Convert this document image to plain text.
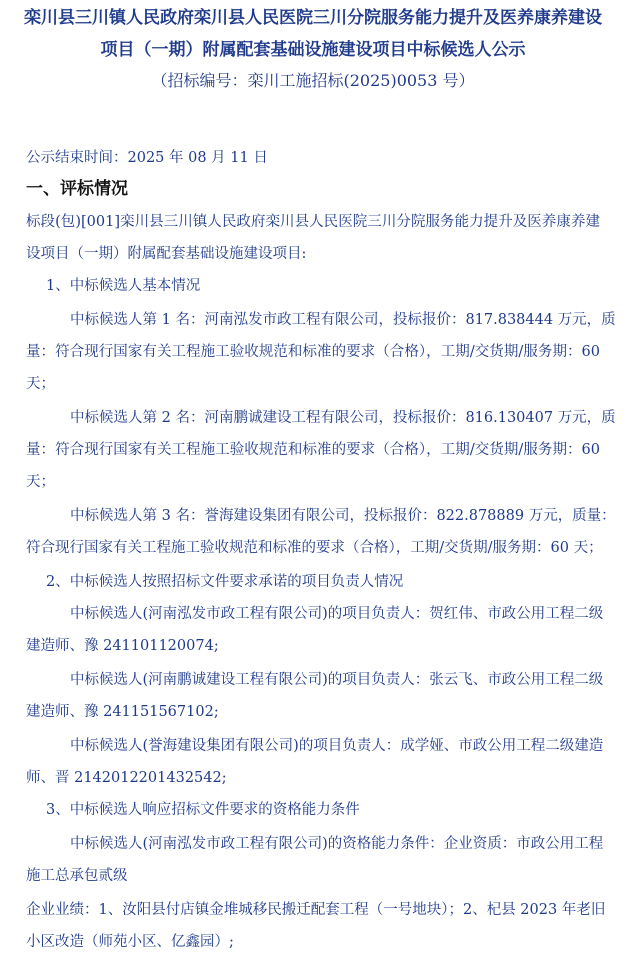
栾川县三川镇人民政府栾川县人民医院三川分院服务能力提升及医养康养建设
项目（一期）附属配套基础设施建设项目中标候选人公示
（招标编号：栾川工施招标(2025)0053 号）
公示结束时间：2025 年 08 月 11 日
一、评标情况
标段(包)[001]栾川县三川镇人民政府栾川县人民医院三川分院服务能力提升及医养康养建
设项目（一期）附属配套基础设施建设项目:
1、中标候选人基本情况
中标候选人第 1 名：河南泓发市政工程有限公司，投标报价：817.838444 万元，质
量：符合现行国家有关工程施工验收规范和标准的要求（合格），工期/交货期/服务期：60
天；
中标候选人第 2 名：河南鹏诚建设工程有限公司，投标报价：816.130407 万元，质
量：符合现行国家有关工程施工验收规范和标准的要求（合格），工期/交货期/服务期：60
天；
中标候选人第 3 名：誉海建设集团有限公司，投标报价：822.878889 万元，质量：
符合现行国家有关工程施工验收规范和标准的要求（合格），工期/交货期/服务期：60 天；
2、中标候选人按照招标文件要求承诺的项目负责人情况
中标候选人(河南泓发市政工程有限公司)的项目负责人：贺红伟、市政公用工程二级
建造师、豫 241101120074;
中标候选人(河南鹏诚建设工程有限公司)的项目负责人：张云飞、市政公用工程二级
建造师、豫 241151567102;
中标候选人(誉海建设集团有限公司)的项目负责人：成学娅、市政公用工程二级建造
师、晋 2142012201432542;
3、中标候选人响应招标文件要求的资格能力条件
中标候选人(河南泓发市政工程有限公司)的资格能力条件：企业资质：市政公用工程
施工总承包贰级
企业业绩：1、汝阳县付店镇金堆城移民搬迁配套工程（一号地块）；2、杞县 2023 年老旧
小区改造（师苑小区、亿鑫园）;
